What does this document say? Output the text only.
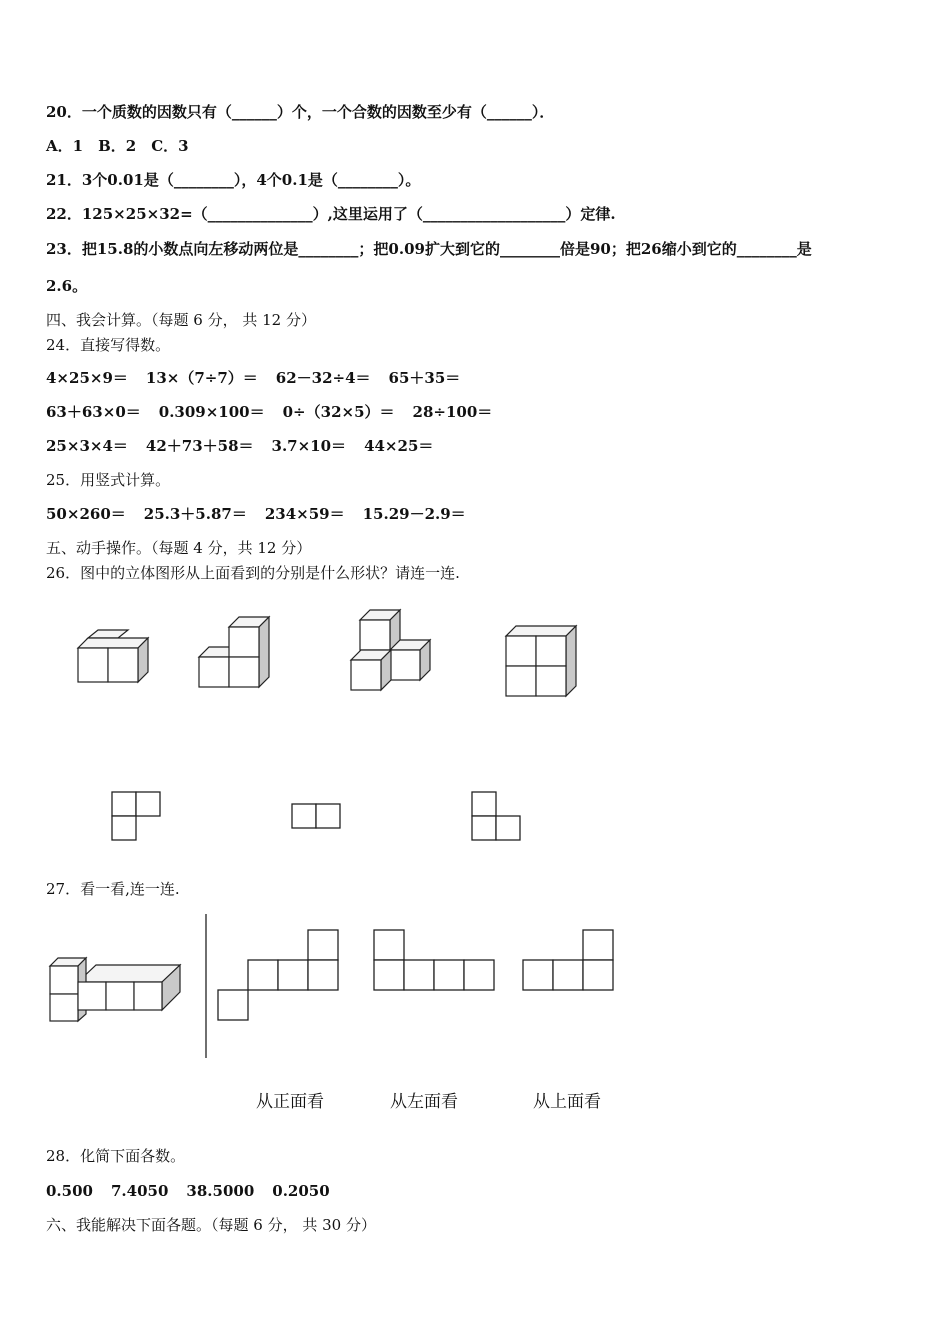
20．一个质数的因数只有（______）个，一个合数的因数至少有（______）．
A．1　B．2　C．3
21．3个0.01是（________），4个0.1是（________）。
22．125×25×32=（______________）,这里运用了（___________________）定律.
23．把15.8的小数点向左移动两位是________；把0.09扩大到它的________倍是90；把26缩小到它的________是
2.6。
四、我会计算。（每题 6 分， 共 12 分）
24．直接写得数。
4×25×9＝ 13×（7÷7）＝ 62－32÷4＝ 65＋35＝
63＋63×0＝ 0.309×100＝ 0÷（32×5）＝ 28÷100＝
25×3×4＝ 42＋73＋58＝ 3.7×10＝ 44×25＝
25．用竖式计算。
50×260＝ 25.3＋5.87＝ 234×59＝ 15.29－2.9＝
五、动手操作。（每题 4 分，共 12 分）
26．图中的立体图形从上面看到的分别是什么形状？请连一连.
27．看一看,连一连.
从正面看	从左面看	从上面看
28．化简下面各数。
0.500 7.4050 38.5000 0.2050
六、我能解决下面各题。（每题 6 分， 共 30 分）
